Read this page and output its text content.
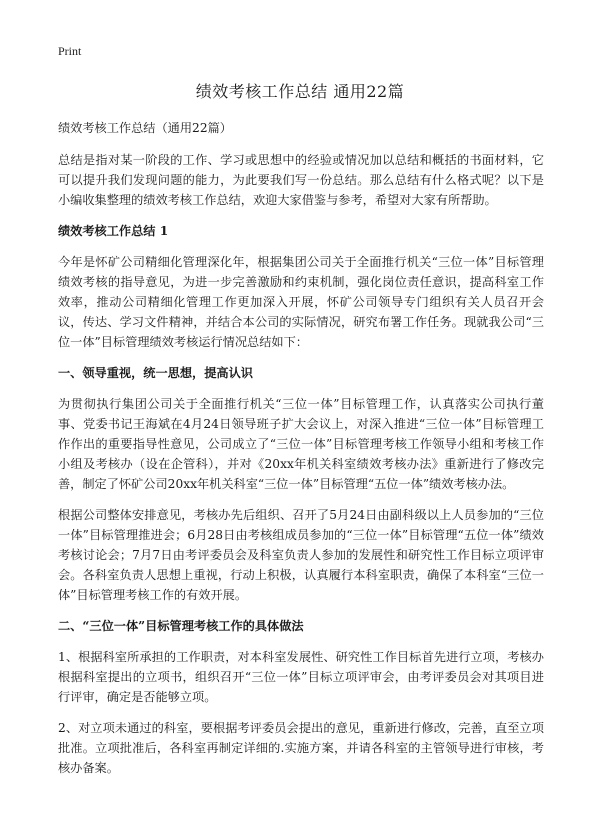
Print
绩效考核工作总结 通用22篇

绩效考核工作总结（通用22篇）

总结是指对某一阶段的工作、学习或思想中的经验或情况加以总结和概括的书面材料，它可以提升我们发现问题的能力，为此要我们写一份总结。那么总结有什么格式呢？以下是小编收集整理的绩效考核工作总结，欢迎大家借鉴与参考，希望对大家有所帮助。

绩效考核工作总结 1

今年是怀矿公司精细化管理深化年，根据集团公司关于全面推行机关“三位一体”目标管理绩效考核的指导意见，为进一步完善激励和约束机制，强化岗位责任意识，提高科室工作效率，推动公司精细化管理工作更加深入开展，怀矿公司领导专门组织有关人员召开会议，传达、学习文件精神，并结合本公司的实际情况，研究布署工作任务。现就我公司“三位一体”目标管理绩效考核运行情况总结如下：

一、领导重视，统一思想，提高认识

为贯彻执行集团公司关于全面推行机关“三位一体”目标管理工作，认真落实公司执行董事、党委书记王海斌在4月24日领导班子扩大会议上，对深入推进“三位一体”目标管理工作作出的重要指导性意见，公司成立了“三位一体”目标管理考核工作领导小组和考核工作小组及考核办（设在企管科），并对《20xx年机关科室绩效考核办法》重新进行了修改完善，制定了怀矿公司20xx年机关科室“三位一体”目标管理“五位一体”绩效考核办法。

根据公司整体安排意见，考核办先后组织、召开了5月24日由副科级以上人员参加的“三位一体”目标管理推进会；6月28日由考核组成员参加的“三位一体”目标管理“五位一体”绩效考核讨论会；7月7日由考评委员会及科室负责人参加的发展性和研究性工作目标立项评审会。各科室负责人思想上重视，行动上积极，认真履行本科室职责，确保了本科室“三位一体”目标管理考核工作的有效开展。

二、“三位一体”目标管理考核工作的具体做法

1、根据科室所承担的工作职责，对本科室发展性、研究性工作目标首先进行立项，考核办根据科室提出的立项书，组织召开“三位一体”目标立项评审会，由考评委员会对其项目进行评审，确定是否能够立项。

2、对立项未通过的科室，要根据考评委员会提出的意见，重新进行修改，完善，直至立项批准。立项批准后，各科室再制定详细的.实施方案，并请各科室的主管领导进行审核，考核办备案。
